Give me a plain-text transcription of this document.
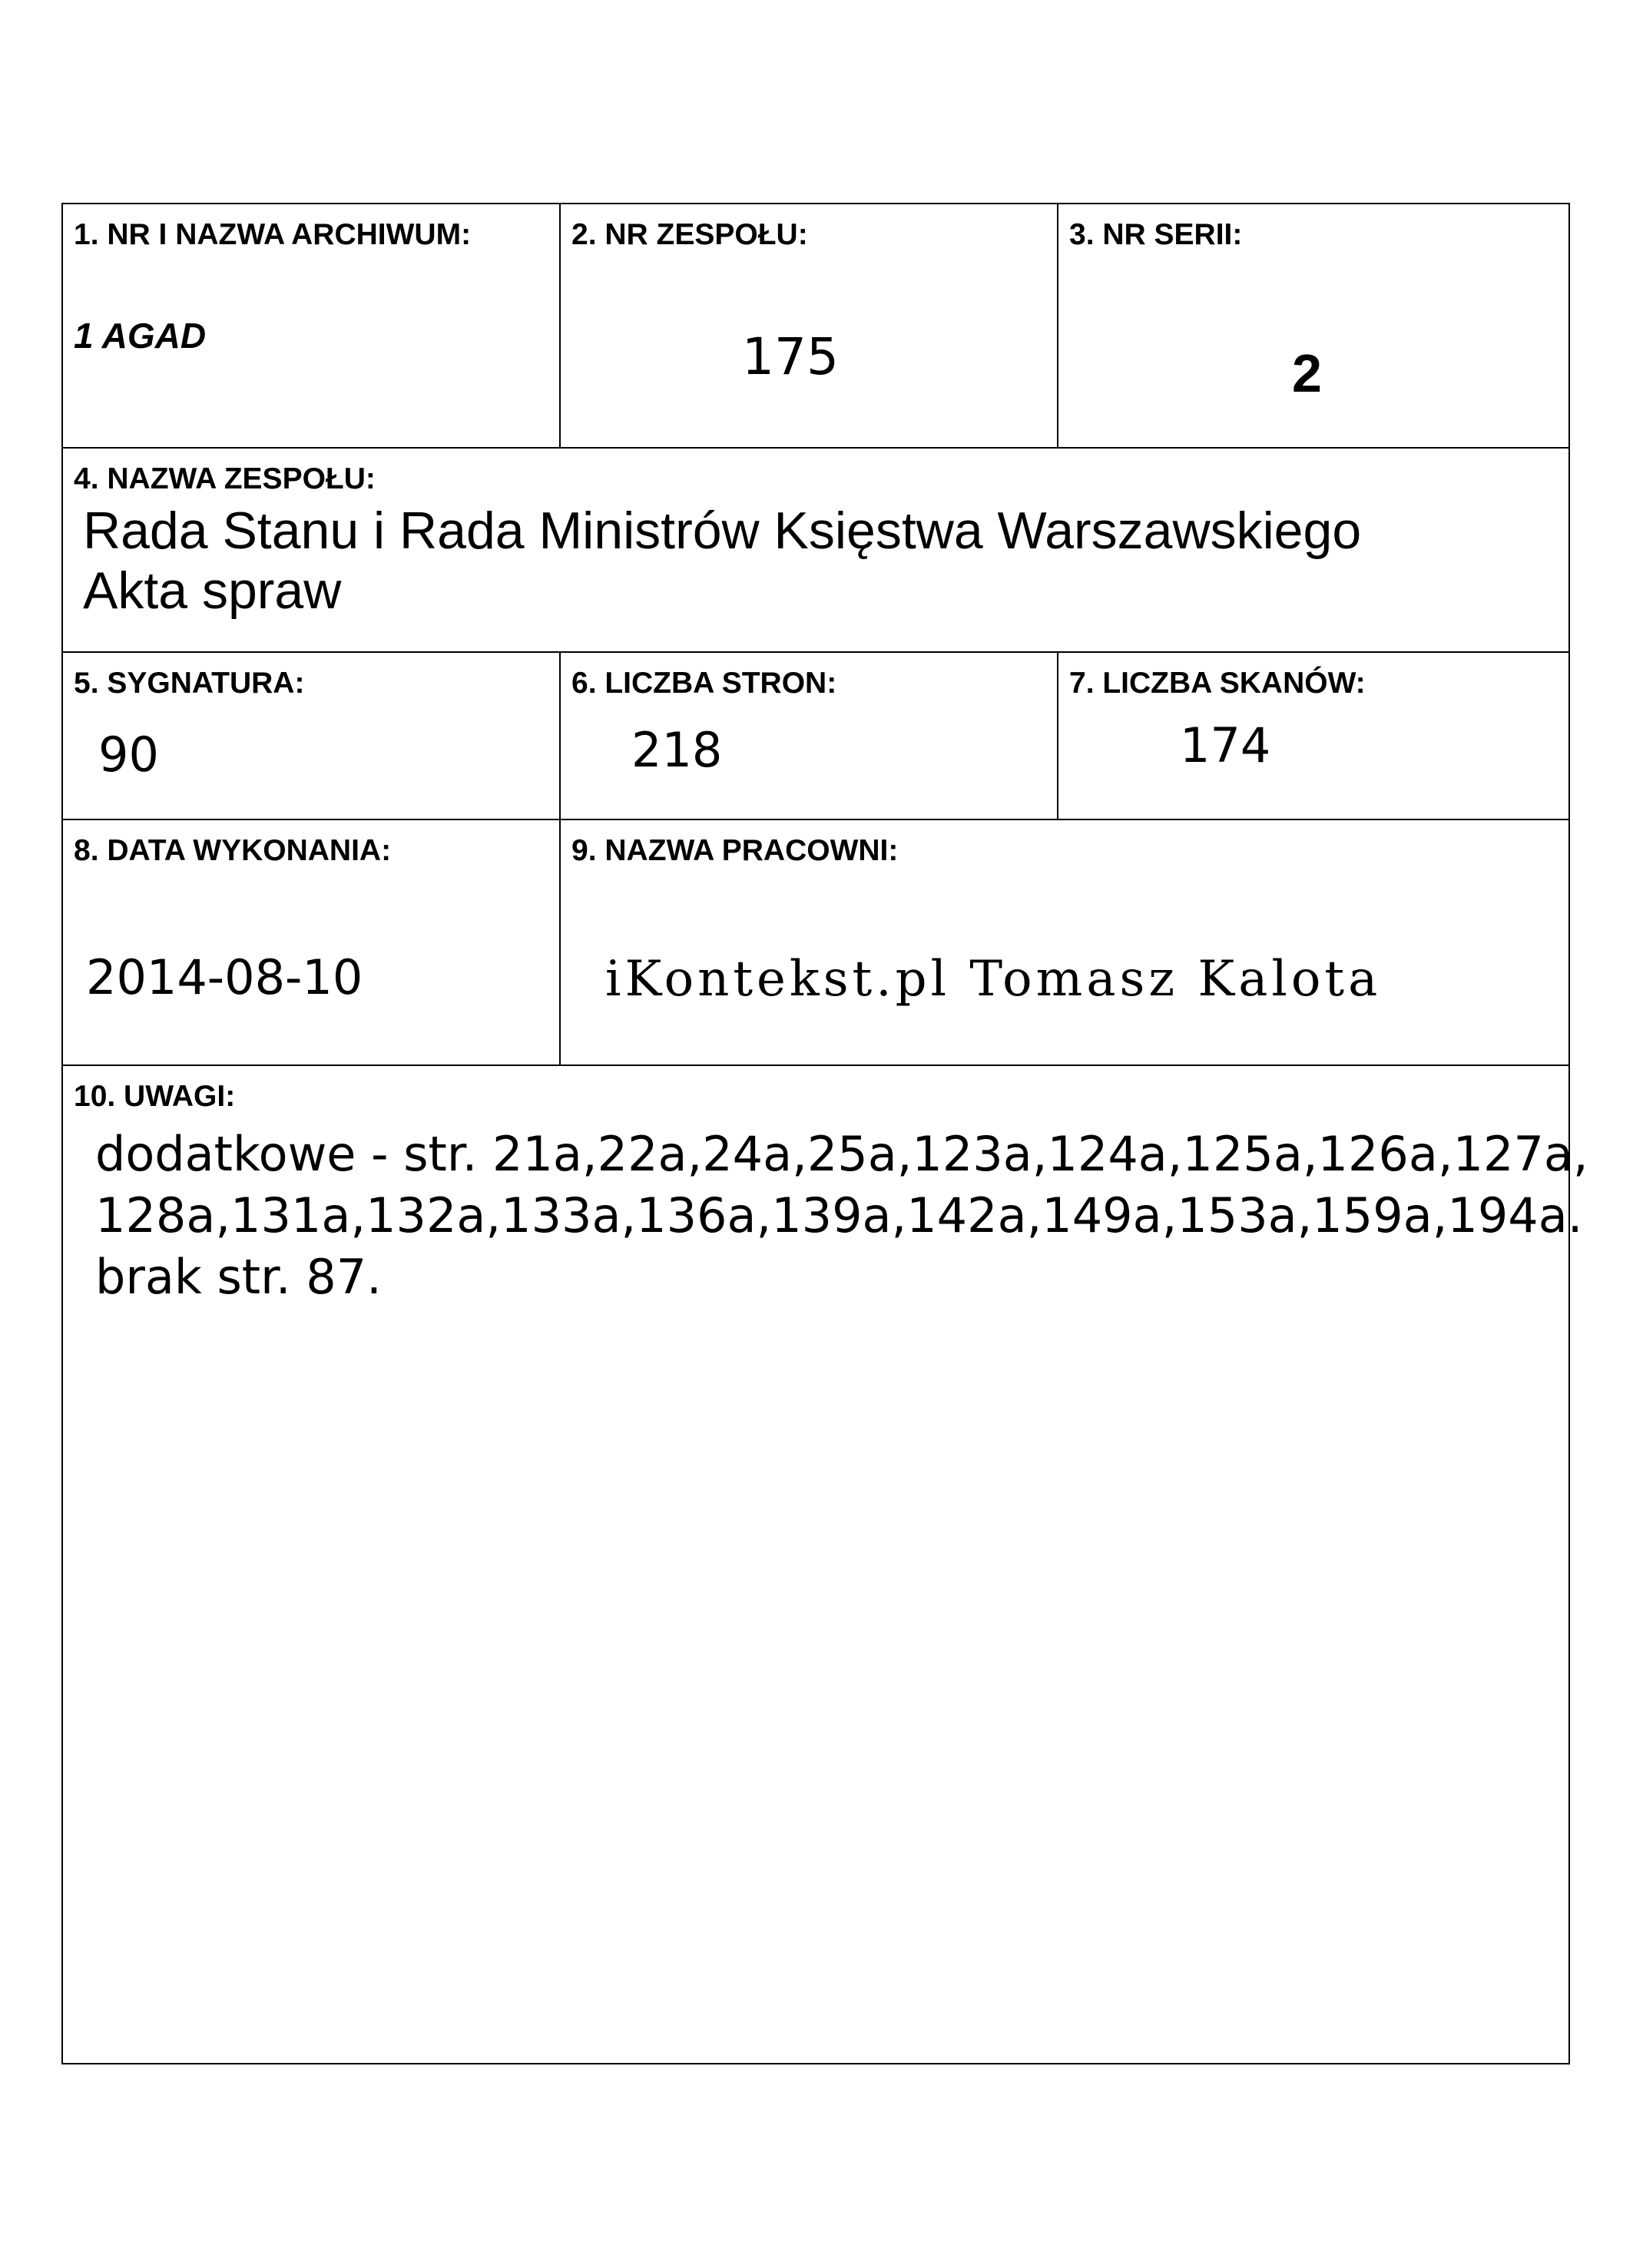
1. NR I NAZWA ARCHIWUM:
1 AGAD
2. NR ZESPOŁU:
175
3. NR SERII:
2
4. NAZWA ZESPOŁU:
Rada Stanu i Rada Ministrów Księstwa Warszawskiego
Akta spraw
5. SYGNATURA:
90
6. LICZBA STRON:
218
7. LICZBA SKANÓW:
174
8. DATA WYKONANIA:
2014-08-10
9. NAZWA PRACOWNI:
iKontekst.pl Tomasz Kalota
10. UWAGI:
dodatkowe - str. 21a,22a,24a,25a,123a,124a,125a,126a,127a,
128a,131a,132a,133a,136a,139a,142a,149a,153a,159a,194a.
brak str. 87.
